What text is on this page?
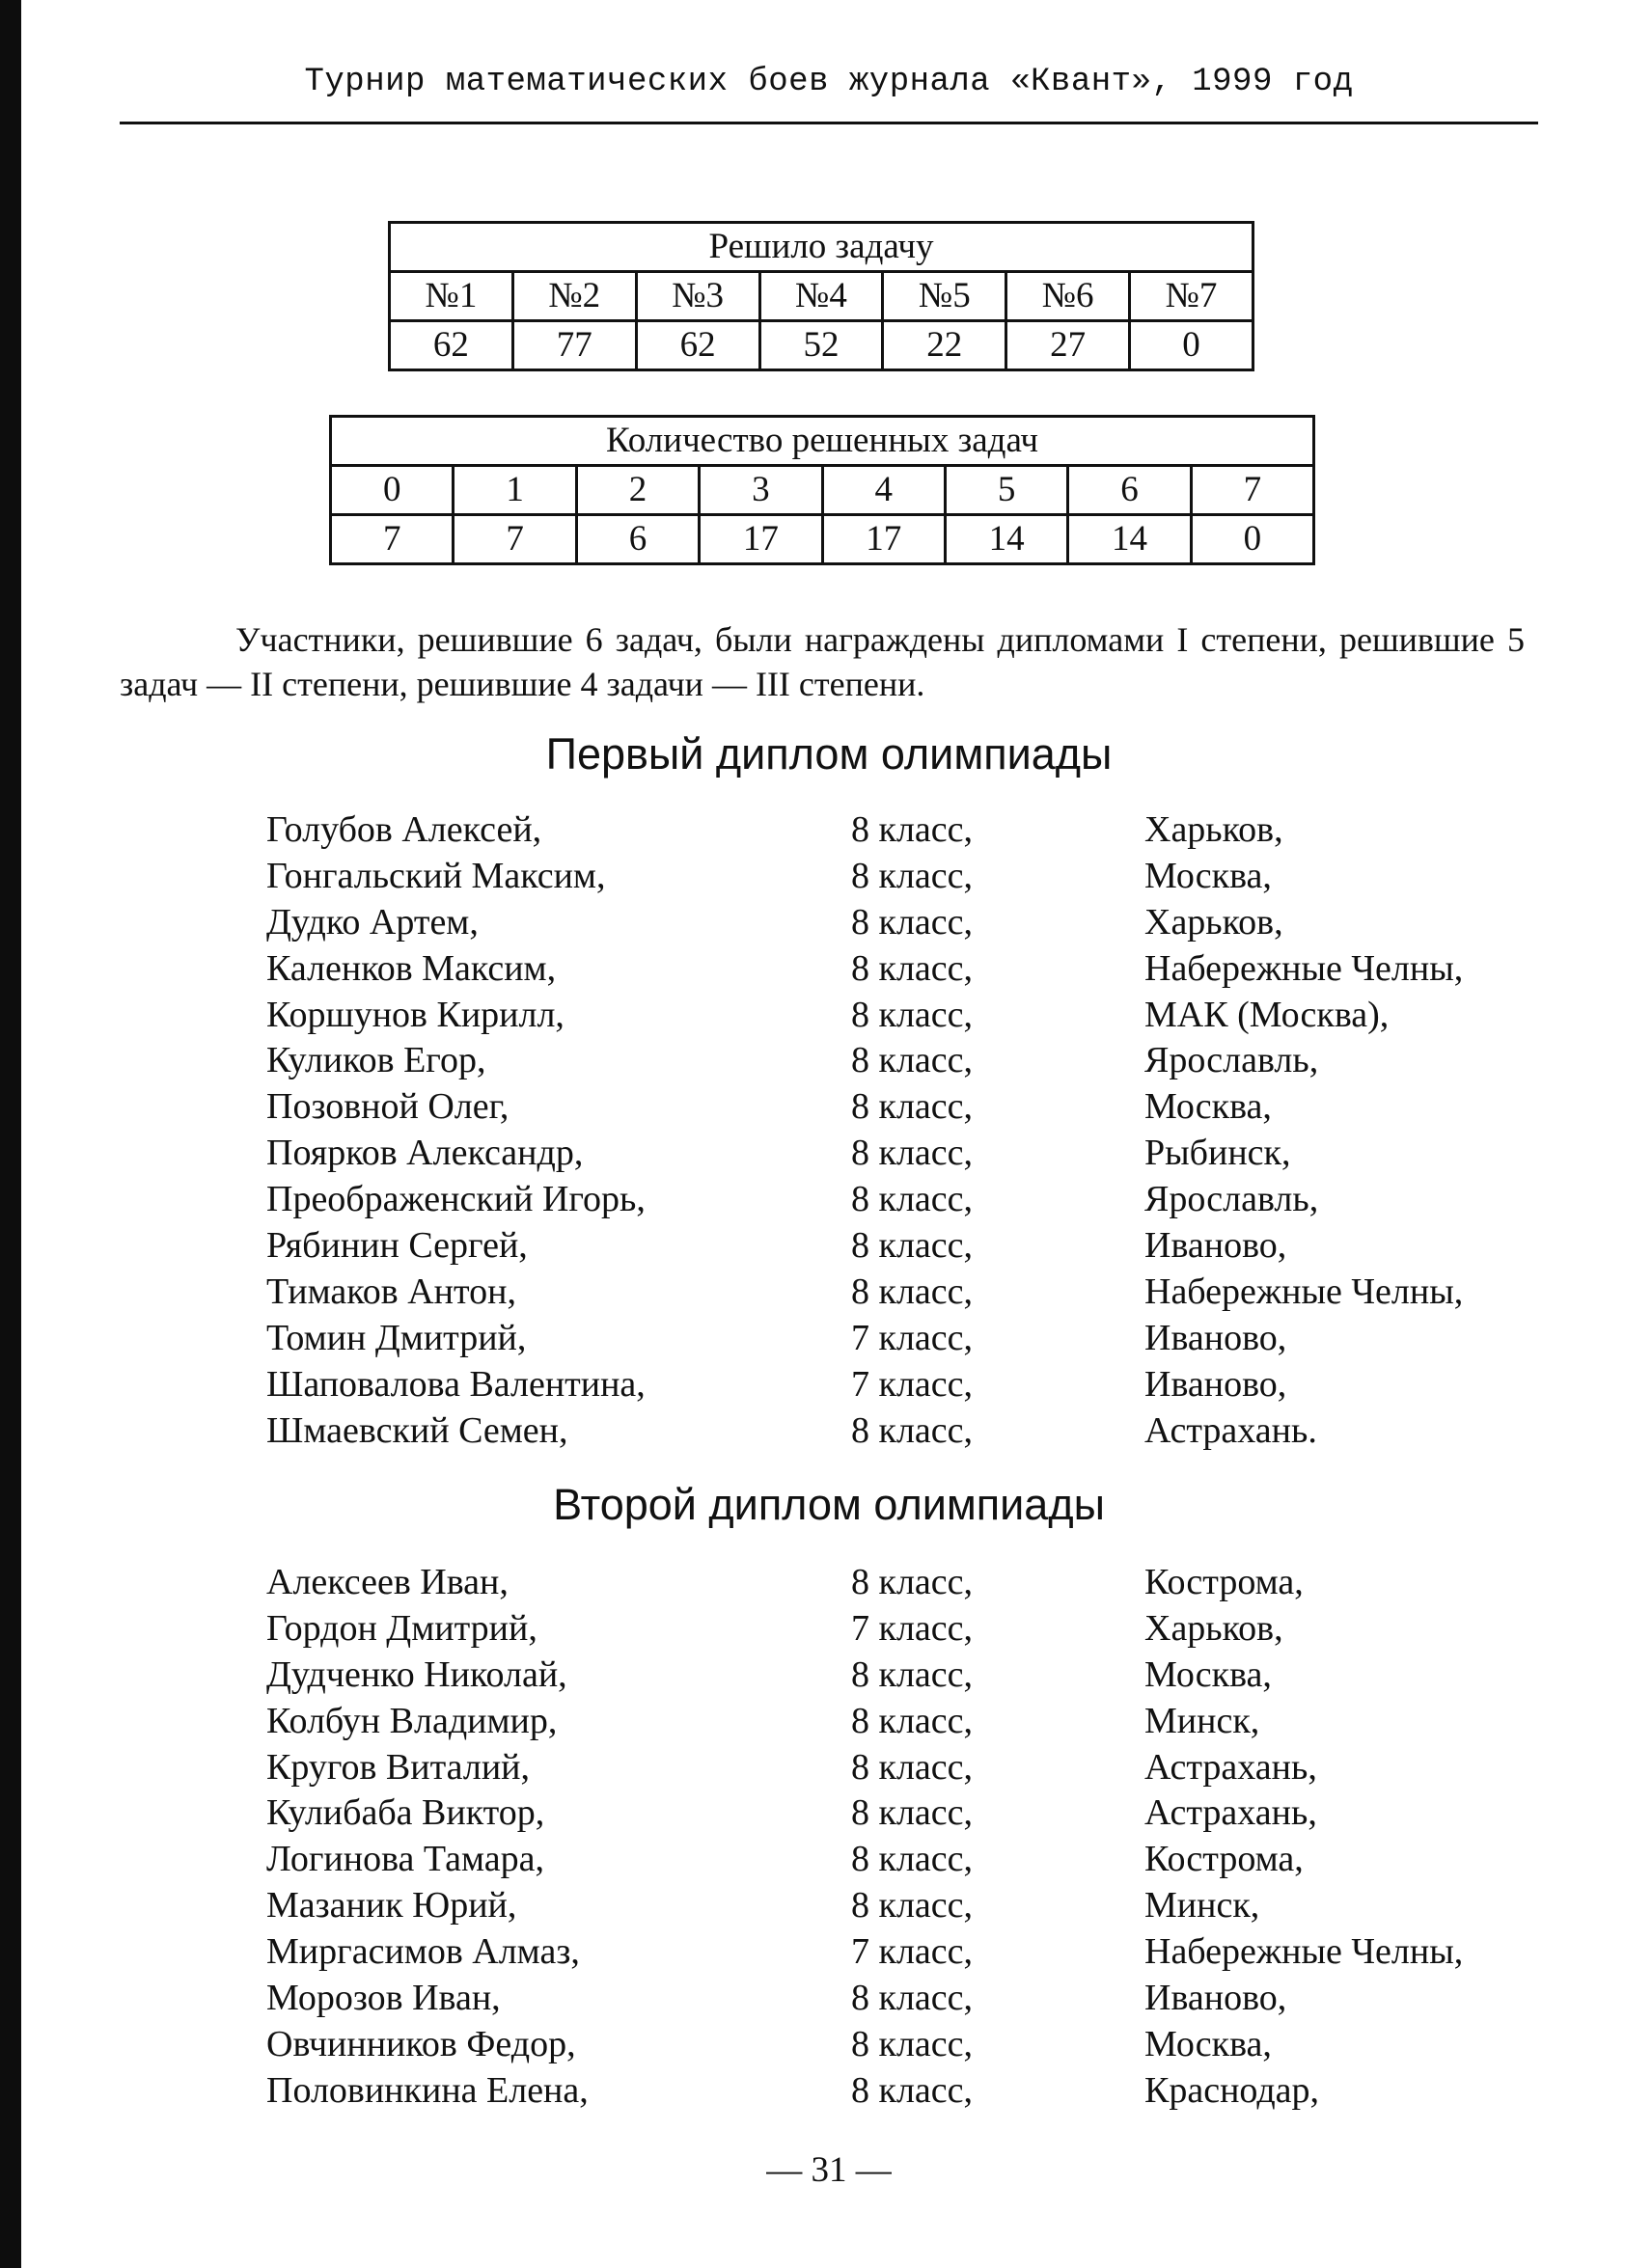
Турнир математических боев журнала «Квант», 1999 год
Решило задачу						
№1	№2	№3	№4	№5	№6	№7
62	77	62	52	22	27	0
Количество решенных задач							
0	1	2	3	4	5	6	7
7	7	6	17	17	14	14	0

Участники, решившие 6 задач, были награждены дипломами I степени, решившие 5 задач — II степени, решившие 4 задачи — III степени.

Первый диплом олимпиады
Голубов Алексей,	8 класс,	Харьков,
Гонгальский Максим,	8 класс,	Москва,
Дудко Артем,	8 класс,	Харьков,
Каленков Максим,	8 класс,	Набережные Челны,
Коршунов Кирилл,	8 класс,	МАК (Москва),
Куликов Егор,	8 класс,	Ярославль,
Позовной Олег,	8 класс,	Москва,
Поярков Александр,	8 класс,	Рыбинск,
Преображенский Игорь,	8 класс,	Ярославль,
Рябинин Сергей,	8 класс,	Иваново,
Тимаков Антон,	8 класс,	Набережные Челны,
Томин Дмитрий,	7 класс,	Иваново,
Шаповалова Валентина,	7 класс,	Иваново,
Шмаевский Семен,	8 класс,	Астрахань.
Второй диплом олимпиады
Алексеев Иван,	8 класс,	Кострома,
Гордон Дмитрий,	7 класс,	Харьков,
Дудченко Николай,	8 класс,	Москва,
Колбун Владимир,	8 класс,	Минск,
Кругов Виталий,	8 класс,	Астрахань,
Кулибаба Виктор,	8 класс,	Астрахань,
Логинова Тамара,	8 класс,	Кострома,
Мазаник Юрий,	8 класс,	Минск,
Миргасимов Алмаз,	7 класс,	Набережные Челны,
Морозов Иван,	8 класс,	Иваново,
Овчинников Федор,	8 класс,	Москва,
Половинкина Елена,	8 класс,	Краснодар,
— 31 —
